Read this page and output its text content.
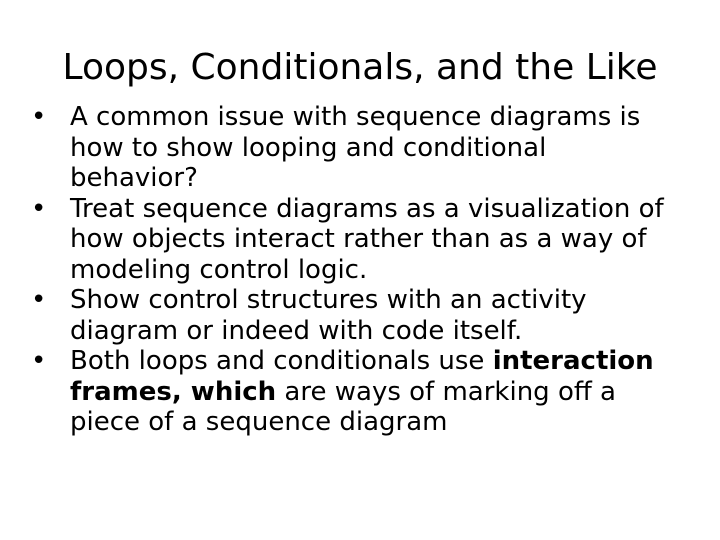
Loops, Conditionals, and the Like
• A common issue with sequence diagrams is how to show looping and conditional behavior?
• Treat sequence diagrams as a visualization of how objects interact rather than as a way of modeling control logic.
• Show control structures with an activity diagram or indeed with code itself.
• Both loops and conditionals use interaction frames, which are ways of marking off a piece of a sequence diagram
